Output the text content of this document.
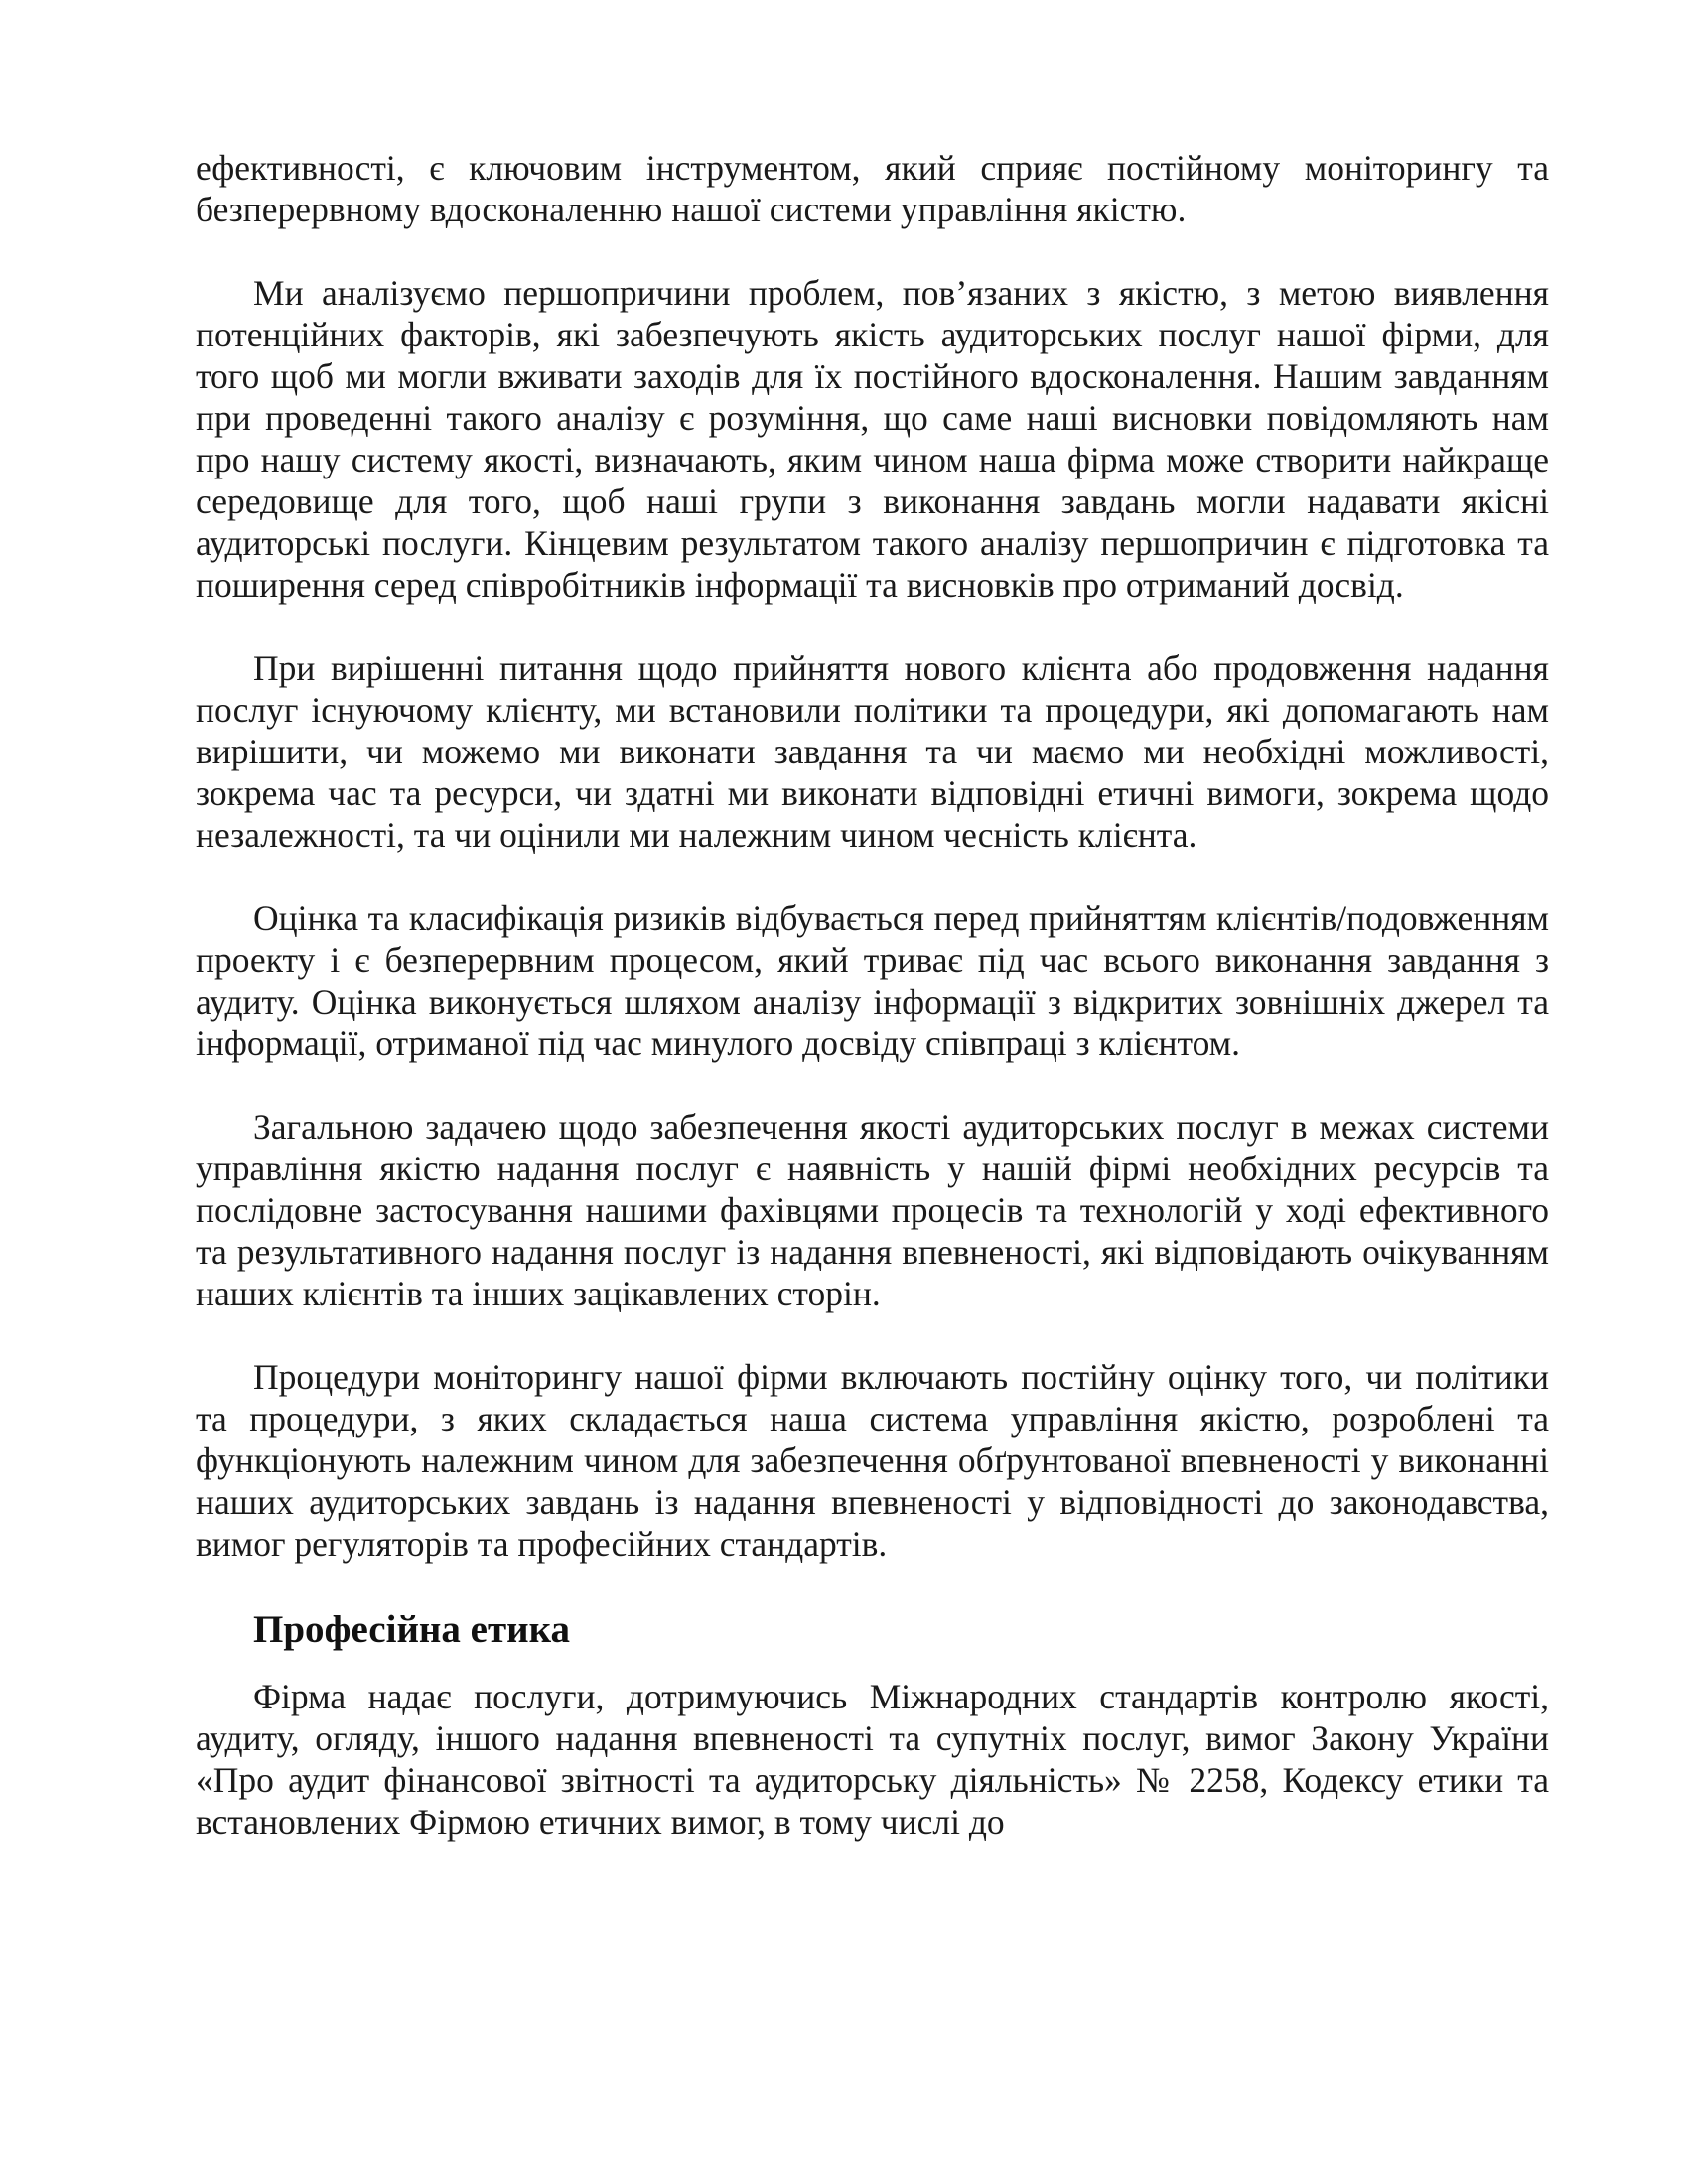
ефективності, є ключовим інструментом, який сприяє постійному моніторингу та безперервному вдосконаленню нашої системи управління якістю.

Ми аналізуємо першопричини проблем, пов’язаних з якістю, з метою виявлення потенційних факторів, які забезпечують якість аудиторських послуг нашої фірми, для того щоб ми могли вживати заходів для їх постійного вдосконалення. Нашим завданням при проведенні такого аналізу є розуміння, що саме наші висновки повідомляють нам про нашу систему якості, визначають, яким чином наша фірма може створити найкраще середовище для того, щоб наші групи з виконання завдань могли надавати якісні аудиторські послуги. Кінцевим результатом такого аналізу першопричин є підготовка та поширення серед співробітників інформації та висновків про отриманий досвід.

При вирішенні питання щодо прийняття нового клієнта або продовження надання послуг існуючому клієнту, ми встановили політики та процедури, які допомагають нам вирішити, чи можемо ми виконати завдання та чи маємо ми необхідні можливості, зокрема час та ресурси, чи здатні ми виконати відповідні етичні вимоги, зокрема щодо незалежності, та чи оцінили ми належним чином чесність клієнта.

Оцінка та класифікація ризиків відбувається перед прийняттям клієнтів/подовженням проекту і є безперервним процесом, який триває під час всього виконання завдання з аудиту. Оцінка виконується шляхом аналізу інформації з відкритих зовнішніх джерел та інформації, отриманої під час минулого досвіду співпраці з клієнтом.

Загальною задачею щодо забезпечення якості аудиторських послуг в межах системи управління якістю надання послуг є наявність у нашій фірмі необхідних ресурсів та послідовне застосування нашими фахівцями процесів та технологій у ході ефективного та результативного надання послуг із надання впевненості, які відповідають очікуванням наших клієнтів та інших зацікавлених сторін.

Процедури моніторингу нашої фірми включають постійну оцінку того, чи політики та процедури, з яких складається наша система управління якістю, розроблені та функціонують належним чином для забезпечення обґрунтованої впевненості у виконанні наших аудиторських завдань із надання впевненості у відповідності до законодавства, вимог регуляторів та професійних стандартів.

Професійна етика

Фірма надає послуги, дотримуючись Міжнародних стандартів контролю якості, аудиту, огляду, іншого надання впевненості та супутніх послуг, вимог Закону України «Про аудит фінансової звітності та аудиторську діяльність» № 2258, Кодексу етики та встановлених Фірмою етичних вимог, в тому числі до
